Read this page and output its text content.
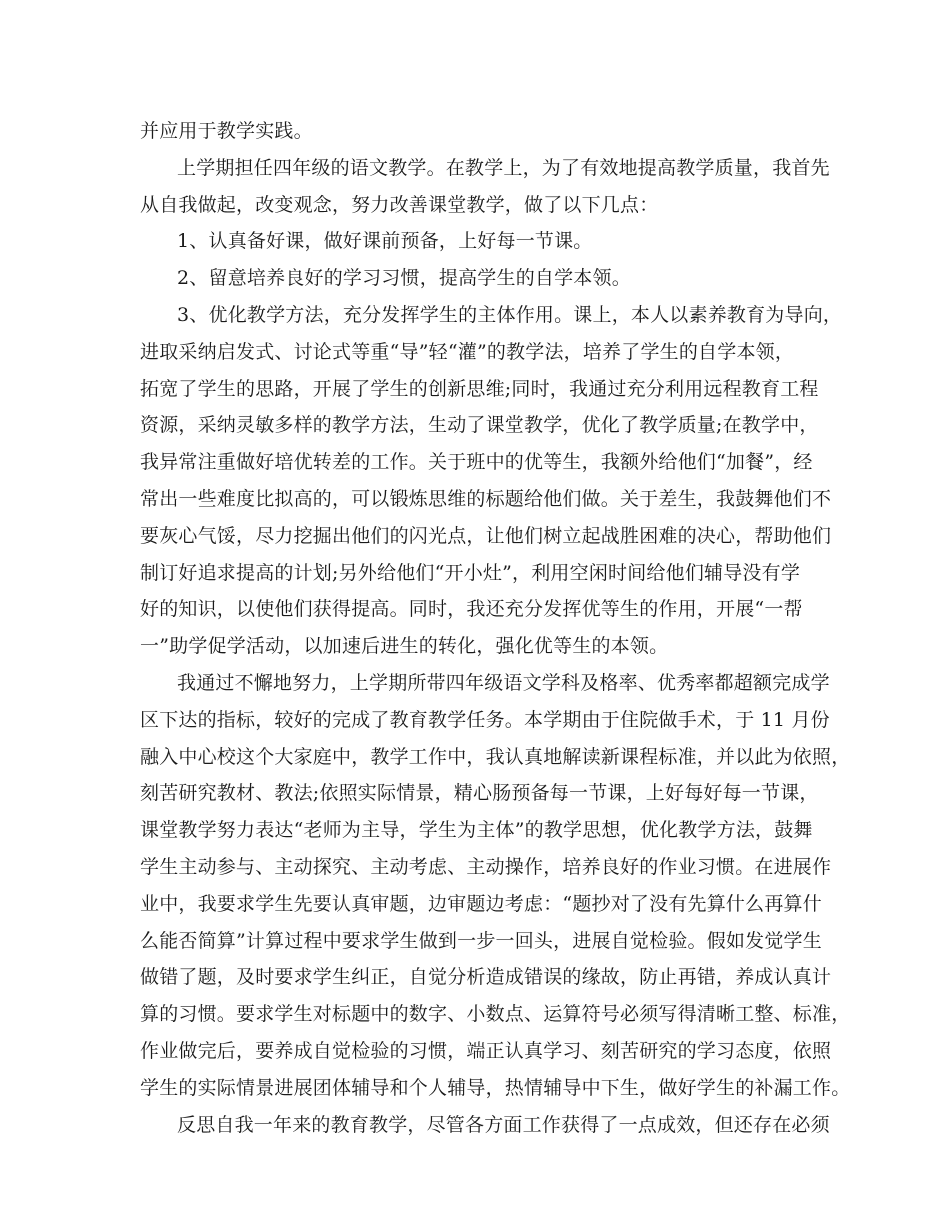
并应用于教学实践。
上学期担任四年级的语文教学。在教学上，为了有效地提高教学质量，我首先
从自我做起，改变观念，努力改善课堂教学，做了以下几点：
1、认真备好课，做好课前预备，上好每一节课。
2、留意培养良好的学习习惯，提高学生的自学本领。
3、优化教学方法，充分发挥学生的主体作用。课上，本人以素养教育为导向，
进取采纳启发式、讨论式等重“导”轻“灌”的教学法，培养了学生的自学本领，
拓宽了学生的思路，开展了学生的创新思维;同时，我通过充分利用远程教育工程
资源，采纳灵敏多样的教学方法，生动了课堂教学，优化了教学质量;在教学中，
我异常注重做好培优转差的工作。关于班中的优等生，我额外给他们“加餐”，经
常出一些难度比拟高的，可以锻炼思维的标题给他们做。关于差生，我鼓舞他们不
要灰心气馁，尽力挖掘出他们的闪光点，让他们树立起战胜困难的决心，帮助他们
制订好追求提高的计划;另外给他们“开小灶”，利用空闲时间给他们辅导没有学
好的知识，以使他们获得提高。同时，我还充分发挥优等生的作用，开展“一帮
一”助学促学活动，以加速后进生的转化，强化优等生的本领。
我通过不懈地努力，上学期所带四年级语文学科及格率、优秀率都超额完成学
区下达的指标，较好的完成了教育教学任务。本学期由于住院做手术，于 11 月份
融入中心校这个大家庭中，教学工作中，我认真地解读新课程标准，并以此为依照，
刻苦研究教材、教法;依照实际情景，精心肠预备每一节课，上好每好每一节课，
课堂教学努力表达“老师为主导，学生为主体”的教学思想，优化教学方法，鼓舞
学生主动参与、主动探究、主动考虑、主动操作，培养良好的作业习惯。在进展作
业中，我要求学生先要认真审题，边审题边考虑：“题抄对了没有先算什么再算什
么能否简算”计算过程中要求学生做到一步一回头，进展自觉检验。假如发觉学生
做错了题，及时要求学生纠正，自觉分析造成错误的缘故，防止再错，养成认真计
算的习惯。要求学生对标题中的数字、小数点、运算符号必须写得清晰工整、标准，
作业做完后，要养成自觉检验的习惯，端正认真学习、刻苦研究的学习态度，依照
学生的实际情景进展团体辅导和个人辅导，热情辅导中下生，做好学生的补漏工作。
反思自我一年来的教育教学，尽管各方面工作获得了一点成效，但还存在必须
